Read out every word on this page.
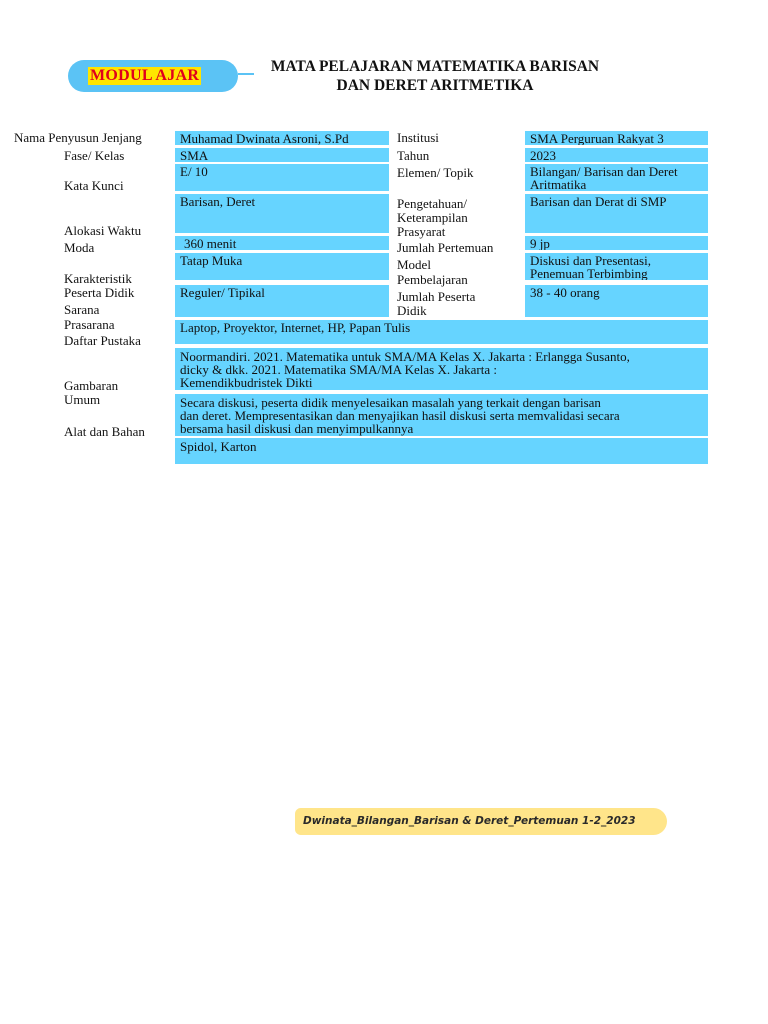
MODUL AJAR
MATA PELAJARAN MATEMATIKA BARISAN
DAN DERET ARITMETIKA
Nama Penyusun Jenjang
Fase/ Kelas
Kata Kunci
Alokasi Waktu
Moda
Karakteristik
Peserta Didik
Sarana
Prasarana
Daftar Pustaka
Gambaran
Umum
Alat dan Bahan
Muhamad Dwinata Asroni, S.Pd
SMA
E/ 10
Barisan, Deret
360 menit
Tatap Muka
Reguler/ Tipikal
Institusi
Tahun
Elemen/ Topik
Pengetahuan/
Keterampilan
Prasyarat
Jumlah Pertemuan
Model
Pembelajaran
Jumlah Peserta
Didik
SMA Perguruan Rakyat 3
2023
Bilangan/ Barisan dan Deret
Aritmatika
Barisan dan Derat di SMP
9 jp
Diskusi dan Presentasi,
Penemuan Terbimbing
38 - 40 orang
Laptop, Proyektor, Internet, HP, Papan Tulis
Noormandiri. 2021. Matematika untuk SMA/MA Kelas X. Jakarta : Erlangga Susanto,
dicky & dkk. 2021. Matematika SMA/MA Kelas X. Jakarta :
Kemendikbudristek Dikti
Secara diskusi, peserta didik menyelesaikan masalah yang terkait dengan barisan
dan deret. Mempresentasikan dan menyajikan hasil diskusi serta memvalidasi secara
bersama hasil diskusi dan menyimpulkannya
Spidol, Karton
Dwinata_Bilangan_Barisan & Deret_Pertemuan 1-2_2023
